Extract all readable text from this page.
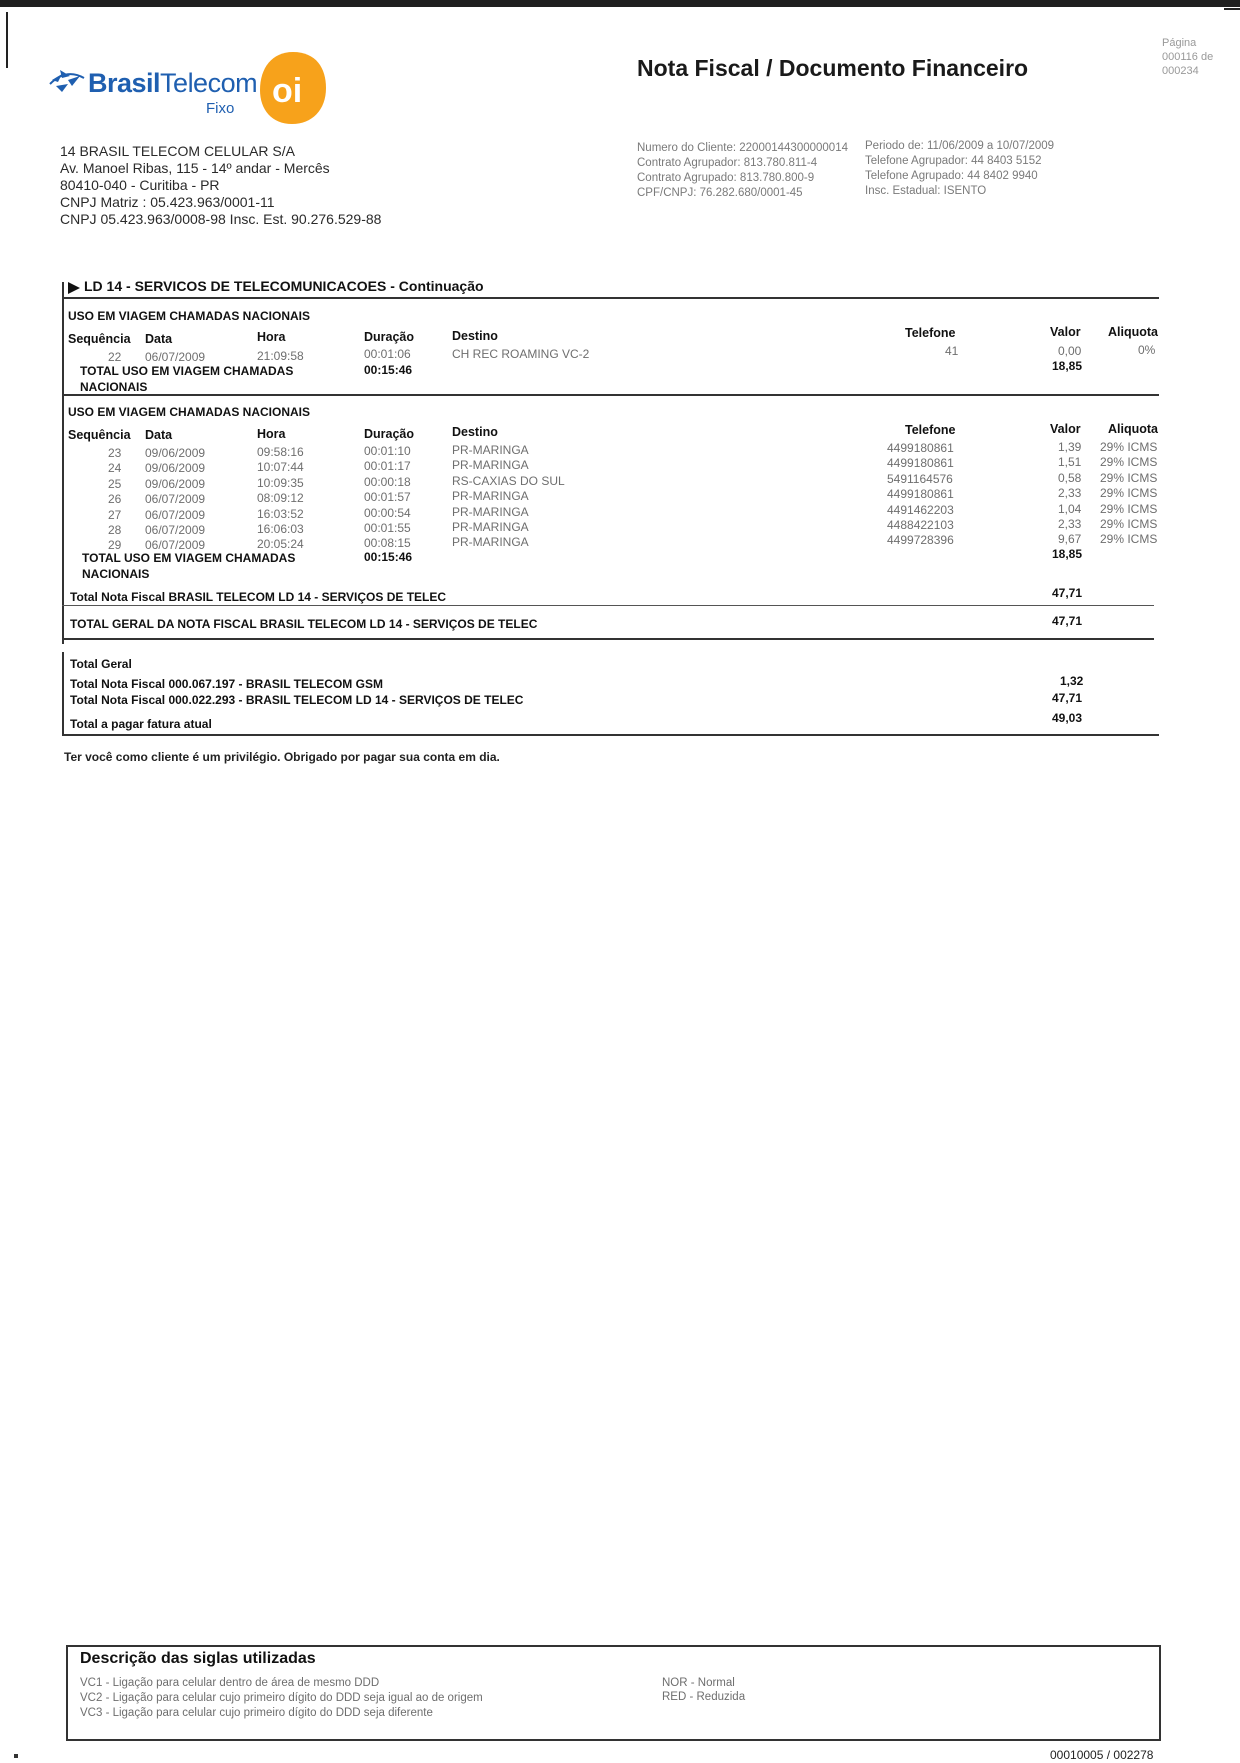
BrasilTelecom
Fixo oi
Nota Fiscal / Documento Financeiro
Página
000116 de
000234
14 BRASIL TELECOM CELULAR S/A
Av. Manoel Ribas, 115 - 14º andar - Mercês
80410-040 - Curitiba - PR
CNPJ Matriz : 05.423.963/0001-11
CNPJ 05.423.963/0008-98 Insc. Est. 90.276.529-88
Numero do Cliente: 22000144300000014
Contrato Agrupador: 813.780.811-4
Contrato Agrupado: 813.780.800-9
CPF/CNPJ: 76.282.680/0001-45
Periodo de: 11/06/2009 a 10/07/2009
Telefone Agrupador: 44 8403 5152
Telefone Agrupado: 44 8402 9940
Insc. Estadual: ISENTO
LD 14 - SERVICOS DE TELECOMUNICACOES - Continuação
USO EM VIAGEM CHAMADAS NACIONAIS
Sequência Data	Hora	Duração	Destino	Telefone	Valor Aliquota
22 06/07/2009	21:09:58	00:01:06	CH REC ROAMING VC-2	41	0,00	0%
TOTAL USO EM VIAGEM CHAMADAS
NACIONAIS
00:15:46	18,85
USO EM VIAGEM CHAMADAS NACIONAIS
Sequência Data	Hora	Duração	Destino	Telefone	Valor Aliquota
23 09/06/2009	09:58:16	00:01:10	PR-MARINGA	4499180861	1,39 29% ICMS
24 09/06/2009	10:07:44	00:01:17	PR-MARINGA	4499180861	1,51 29% ICMS
25 09/06/2009	10:09:35	00:00:18	RS-CAXIAS DO SUL	5491164576	0,58 29% ICMS
26 06/07/2009	08:09:12	00:01:57	PR-MARINGA	4499180861	2,33 29% ICMS
27 06/07/2009	16:03:52	00:00:54	PR-MARINGA	4491462203	1,04 29% ICMS
28 06/07/2009	16:06:03	00:01:55	PR-MARINGA	4488422103	2,33 29% ICMS
29 06/07/2009	20:05:24	00:08:15	PR-MARINGA	4499728396	9,67 29% ICMS
TOTAL USO EM VIAGEM CHAMADAS
NACIONAIS
00:15:46	18,85
Total Nota Fiscal BRASIL TELECOM LD 14 - SERVIÇOS DE TELEC	47,71
TOTAL GERAL DA NOTA FISCAL BRASIL TELECOM LD 14 - SERVIÇOS DE TELEC	47,71
Total Geral
Total Nota Fiscal 000.067.197 - BRASIL TELECOM GSM	1,32
Total Nota Fiscal 000.022.293 - BRASIL TELECOM LD 14 - SERVIÇOS DE TELEC	47,71
Total a pagar fatura atual	49,03
Ter você como cliente é um privilégio. Obrigado por pagar sua conta em dia.
Descrição das siglas utilizadas
VC1 - Ligação para celular dentro de área de mesmo DDD
VC2 - Ligação para celular cujo primeiro dígito do DDD seja igual ao de origem
VC3 - Ligação para celular cujo primeiro dígito do DDD seja diferente
NOR - Normal
RED - Reduzida
00010005 / 002278
